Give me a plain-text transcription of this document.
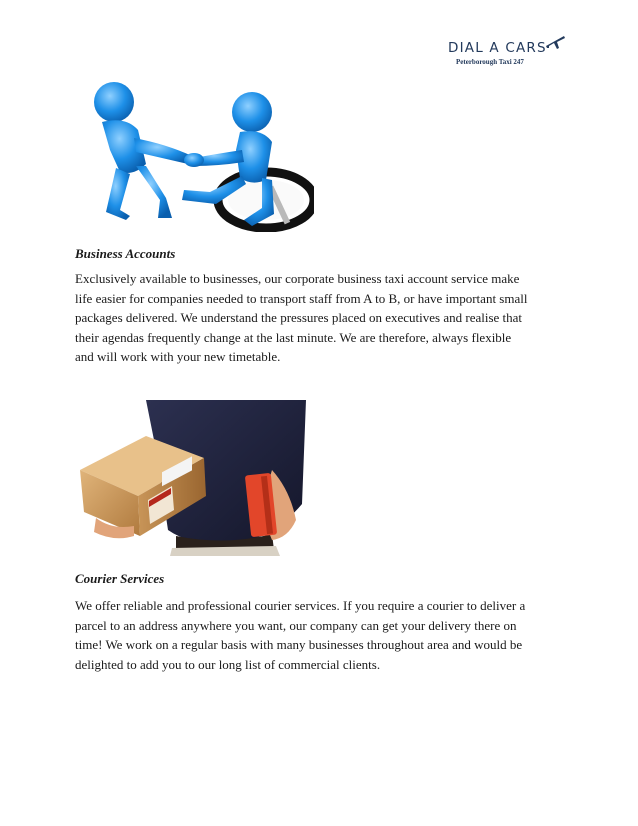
DIAL A CARS
Peterborough Taxi 247

Business Accounts

Exclusively available to businesses, our corporate business taxi account service make
life easier for companies needed to transport staff from A to B, or have important small
packages delivered. We understand the pressures placed on executives and realise that
their agendas frequently change at the last minute. We are therefore, always flexible
and will work with your new timetable.

Courier Services

We offer reliable and professional courier services. If you require a courier to deliver a
parcel to an address anywhere you want, our company can get your delivery there on
time! We work on a regular basis with many businesses throughout area and would be
delighted to add you to our long list of commercial clients.
